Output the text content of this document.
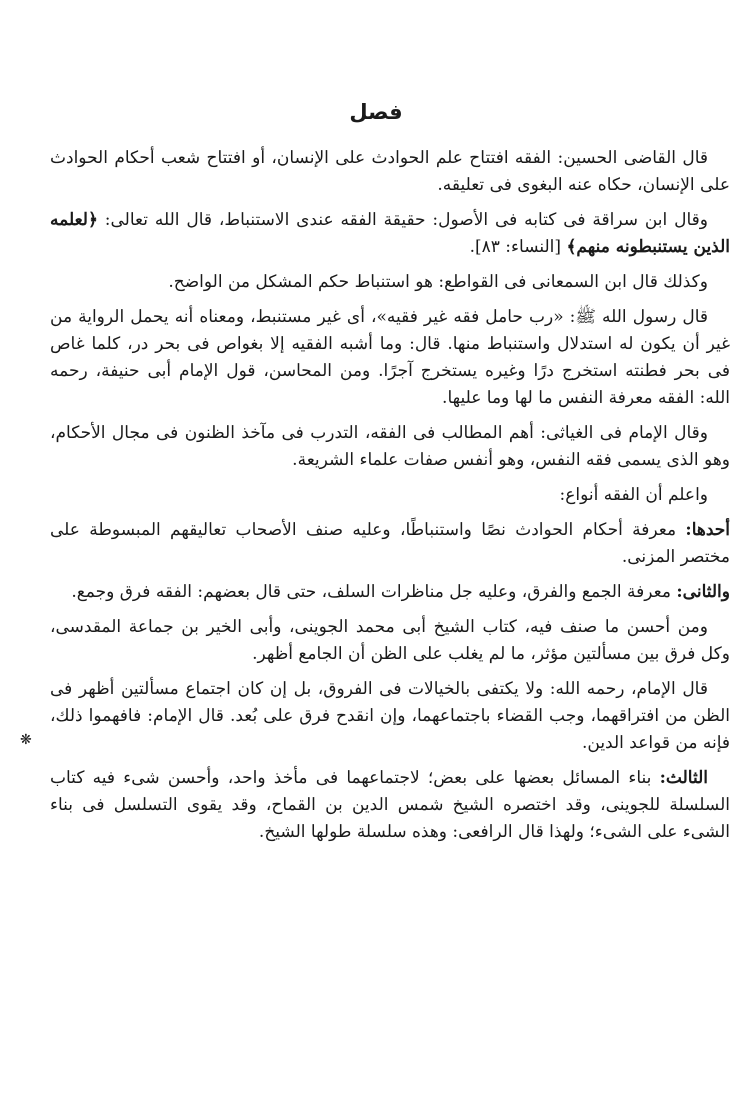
فصل

قال القاضى الحسين: الفقه افتتاح علم الحوادث على الإنسان، أو افتتاح شعب أحكام الحوادث على الإنسان، حكاه عنه البغوى فى تعليقه.

وقال ابن سراقة فى كتابه فى الأصول: حقيقة الفقه عندى الاستنباط، قال الله تعالى: ﴿لعلمه الذين يستنبطونه منهم﴾ [النساء: ٨٣].

وكذلك قال ابن السمعانى فى القواطع: هو استنباط حكم المشكل من الواضح.

قال رسول الله ﷺ: «رب حامل فقه غير فقيه»، أى غير مستنبط، ومعناه أنه يحمل الرواية من غير أن يكون له استدلال واستنباط منها. قال: وما أشبه الفقيه إلا بغواص فى بحر در، كلما غاص فى بحر فطنته استخرج درًا وغيره يستخرج آجرًا. ومن المحاسن، قول الإمام أبى حنيفة، رحمه الله: الفقه معرفة النفس ما لها وما عليها.

وقال الإمام فى الغياثى: أهم المطالب فى الفقه، التدرب فى مآخذ الظنون فى مجال الأحكام، وهو الذى يسمى فقه النفس، وهو أنفس صفات علماء الشريعة.

واعلم أن الفقه أنواع:

أحدها: معرفة أحكام الحوادث نصًا واستنباطًا، وعليه صنف الأصحاب تعاليقهم المبسوطة على مختصر المزنى.

والثانى: معرفة الجمع والفرق، وعليه جل مناظرات السلف، حتى قال بعضهم: الفقه فرق وجمع.

ومن أحسن ما صنف فيه، كتاب الشيخ أبى محمد الجوينى، وأبى الخير بن جماعة المقدسى، وكل فرق بين مسألتين مؤثر، ما لم يغلب على الظن أن الجامع أظهر.

قال الإمام، رحمه الله: ولا يكتفى بالخيالات فى الفروق، بل إن كان اجتماع مسألتين أظهر فى الظن من افتراقهما، وجب القضاء باجتماعهما، وإن انقدح فرق على بُعد. قال الإمام: فافهموا ذلك، فإنه من قواعد الدين.

الثالث: بناء المسائل بعضها على بعض؛ لاجتماعهما فى مأخذ واحد، وأحسن شىء فيه كتاب السلسلة للجوينى، وقد اختصره الشيخ شمس الدين بن القماح، وقد يقوى التسلسل فى بناء الشىء على الشىء؛ ولهذا قال الرافعى: وهذه سلسلة طولها الشيخ.

❋
